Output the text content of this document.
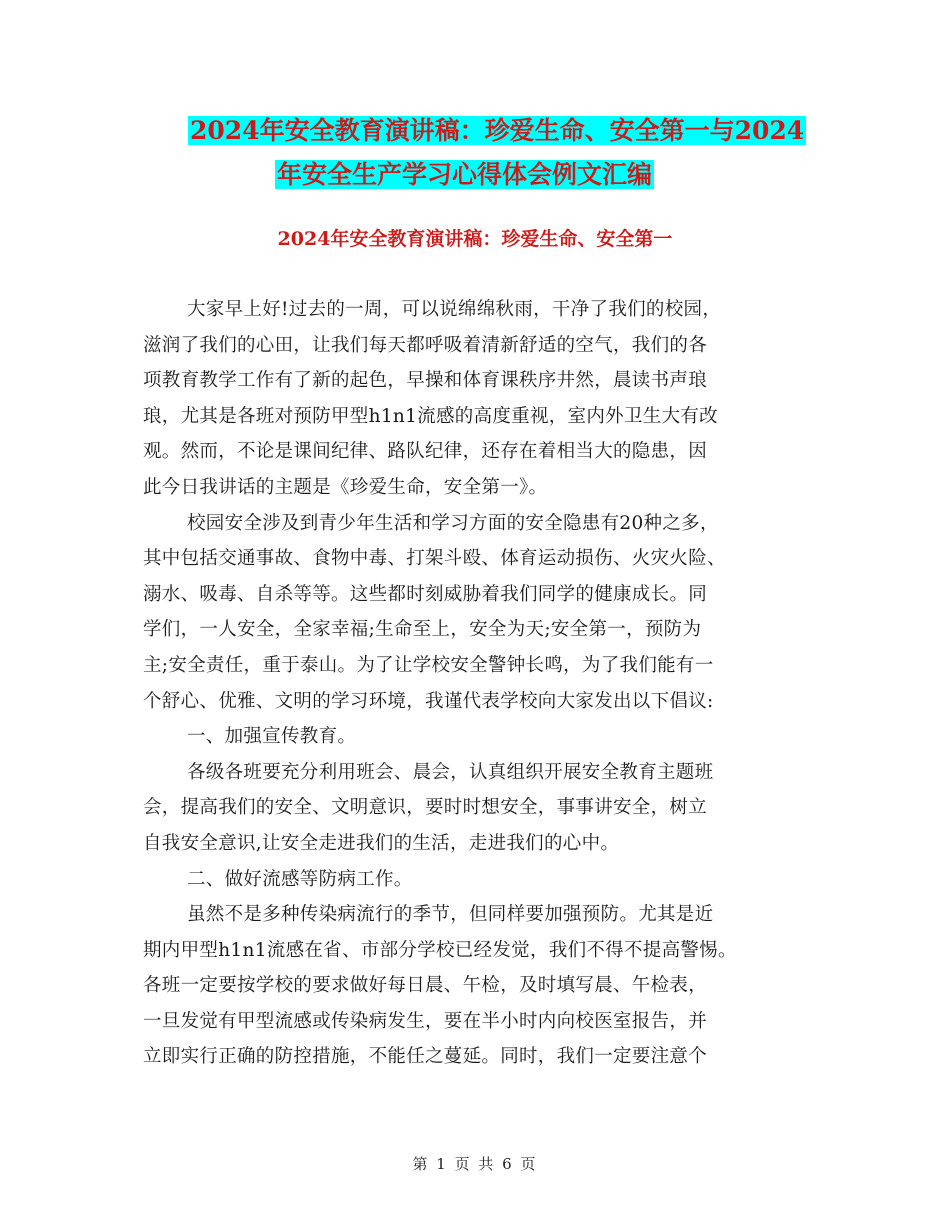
2024年安全教育演讲稿：珍爱生命、安全第一与2024
年安全生产学习心得体会例文汇编
2024年安全教育演讲稿：珍爱生命、安全第一
大家早上好!过去的一周，可以说绵绵秋雨，干净了我们的校园，
滋润了我们的心田，让我们每天都呼吸着清新舒适的空气，我们的各
项教育教学工作有了新的起色，早操和体育课秩序井然，晨读书声琅
琅，尤其是各班对预防甲型h1n1流感的高度重视，室内外卫生大有改
观。然而，不论是课间纪律、路队纪律，还存在着相当大的隐患，因
此今日我讲话的主题是《珍爱生命，安全第一》。
校园安全涉及到青少年生活和学习方面的安全隐患有20种之多，
其中包括交通事故、食物中毒、打架斗殴、体育运动损伤、火灾火险、
溺水、吸毒、自杀等等。这些都时刻威胁着我们同学的健康成长。同
学们，一人安全，全家幸福;生命至上，安全为天;安全第一，预防为
主;安全责任，重于泰山。为了让学校安全警钟长鸣，为了我们能有一
个舒心、优雅、文明的学习环境，我谨代表学校向大家发出以下倡议:
一、加强宣传教育。
各级各班要充分利用班会、晨会，认真组织开展安全教育主题班
会，提高我们的安全、文明意识，要时时想安全，事事讲安全，树立
自我安全意识,让安全走进我们的生活，走进我们的心中。
二、做好流感等防病工作。
虽然不是多种传染病流行的季节，但同样要加强预防。尤其是近
期内甲型h1n1流感在省、市部分学校已经发觉，我们不得不提高警惕。
各班一定要按学校的要求做好每日晨、午检，及时填写晨、午检表，
一旦发觉有甲型流感或传染病发生，要在半小时内向校医室报告，并
立即实行正确的防控措施，不能任之蔓延。同时，我们一定要注意个
第 1 页 共 6 页
